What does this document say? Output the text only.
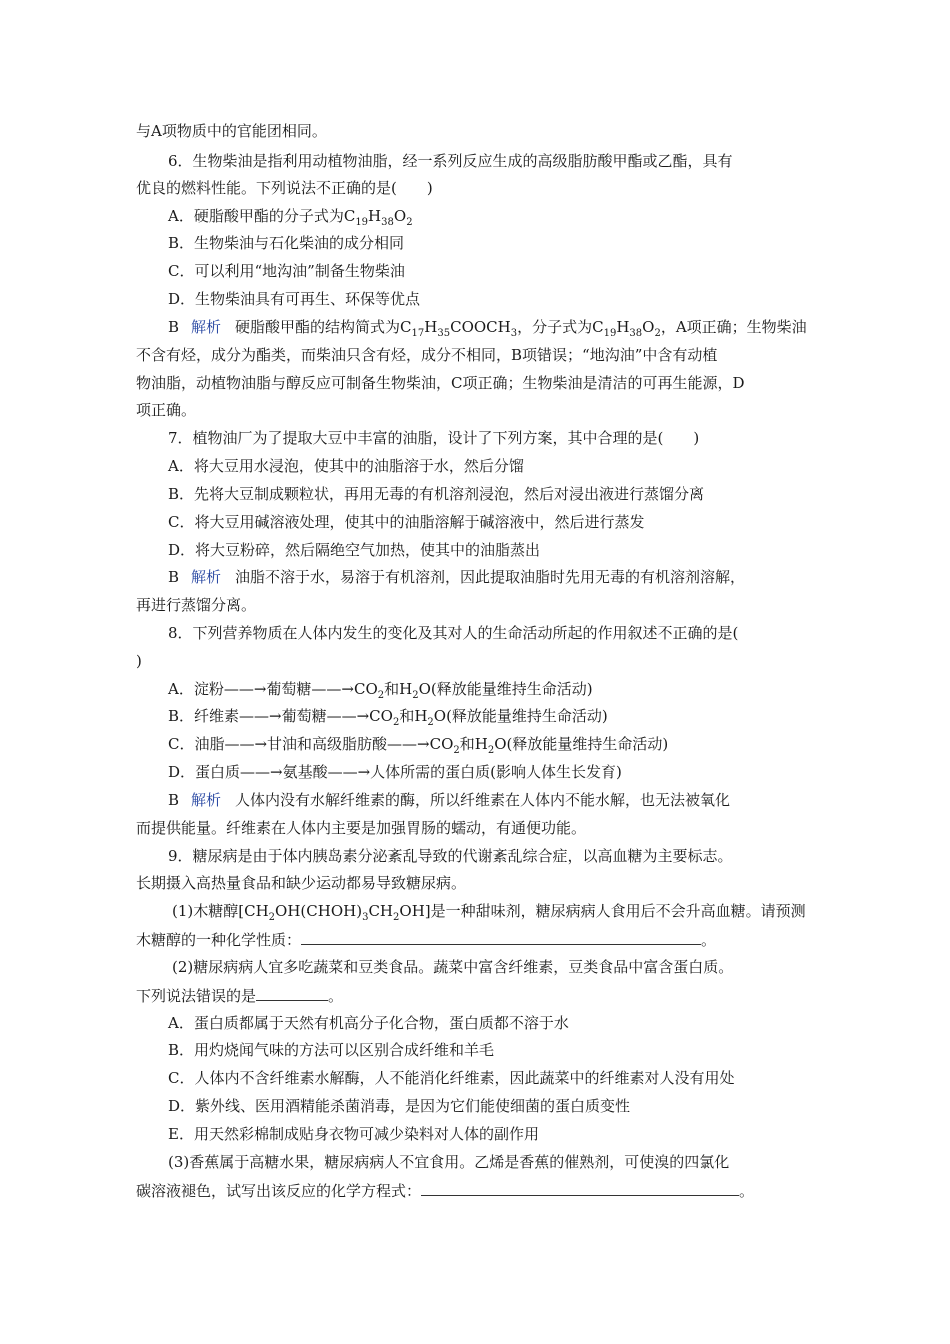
与A项物质中的官能团相同。
6．生物柴油是指利用动植物油脂，经一系列反应生成的高级脂肪酸甲酯或乙酯，具有
优良的燃料性能。下列说法不正确的是(　　)
A．硬脂酸甲酯的分子式为$C_{19}H_{38}O_2$
B．生物柴油与石化柴油的成分相同
C．可以利用“地沟油”制备生物柴油
D．生物柴油具有可再生、环保等优点
B 解析 硬脂酸甲酯的结构简式为$C_{17}H_{35}COOCH_3$，分子式为$C_{19}H_{38}O_2$，A项正确；生物柴油
不含有烃，成分为酯类，而柴油只含有烃，成分不相同，B项错误；“地沟油”中含有动植
物油脂，动植物油脂与醇反应可制备生物柴油，C项正确；生物柴油是清洁的可再生能源，D
项正确。
7．植物油厂为了提取大豆中丰富的油脂，设计了下列方案，其中合理的是(　　)
A．将大豆用水浸泡，使其中的油脂溶于水，然后分馏
B．先将大豆制成颗粒状，再用无毒的有机溶剂浸泡，然后对浸出液进行蒸馏分离
C．将大豆用碱溶液处理，使其中的油脂溶解于碱溶液中，然后进行蒸发
D．将大豆粉碎，然后隔绝空气加热，使其中的油脂蒸出
B 解析 油脂不溶于水，易溶于有机溶剂，因此提取油脂时先用无毒的有机溶剂溶解，
再进行蒸馏分离。
8．下列营养物质在人体内发生的变化及其对人的生命活动所起的作用叙述不正确的是(
)
A．淀粉——→葡萄糖$——\to CO_2$和$H_2O$(释放能量维持生命活动)
B．纤维素——→葡萄糖$——\to CO_2$和$H_2O$(释放能量维持生命活动)
C．油脂——→甘油和高级脂肪酸$——\to CO_2$和$H_2O$(释放能量维持生命活动)
D．蛋白质——→氨基酸——→人体所需的蛋白质(影响人体生长发育)
B 解析 人体内没有水解纤维素的酶，所以纤维素在人体内不能水解，也无法被氧化
而提供能量。纤维素在人体内主要是加强胃肠的蠕动，有通便功能。
9．糖尿病是由于体内胰岛素分泌紊乱导致的代谢紊乱综合症，以高血糖为主要标志。
长期摄入高热量食品和缺少运动都易导致糖尿病。
(1)木糖醇$[CH_2OH(CHOH)_3CH_2OH]$是一种甜味剂，糖尿病病人食用后不会升高血糖。请预测
木糖醇的一种化学性质：	。
(2)糖尿病病人宜多吃蔬菜和豆类食品。蔬菜中富含纤维素，豆类食品中富含蛋白质。
下列说法错误的是	。
A．蛋白质都属于天然有机高分子化合物，蛋白质都不溶于水
B．用灼烧闻气味的方法可以区别合成纤维和羊毛
C．人体内不含纤维素水解酶，人不能消化纤维素，因此蔬菜中的纤维素对人没有用处
D．紫外线、医用酒精能杀菌消毒，是因为它们能使细菌的蛋白质变性
E．用天然彩棉制成贴身衣物可减少染料对人体的副作用
(3)香蕉属于高糖水果，糖尿病病人不宜食用。乙烯是香蕉的催熟剂，可使溴的四氯化
碳溶液褪色，试写出该反应的化学方程式：	。
